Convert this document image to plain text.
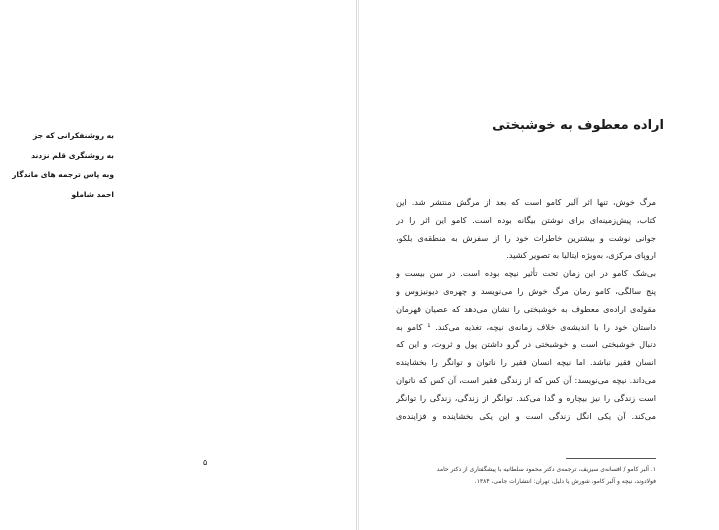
به روشنفکرانی که جز
به روشنگری قلم نزدند
وبه پاس ترجمه های ماندگار
احمد شاملو
۵
اراده معطوف به خوشبختی
مرگ خوش، تنها اثر آلبر کامو است که بعد از مرگش منتشر شد. این
کتاب، پیش‌زمینه‌ای برای نوشتن بیگانه بوده است. کامو این اثر را در
جوانی نوشت و بیشترین خاطرات خود را از سفرش به منطقه‌ی بلکو،
اروپای مرکزی، به‌ویژه ایتالیا به تصویر کشید.
بی‌شک کامو در این زمان تحت تأثیر نیچه بوده است. در سن بیست و
پنج سالگی، کامو رمان مرگ خوش را می‌نویسد و چهره‌ی دیونیزوس و
مقوله‌ی اراده‌ی معطوف به خوشبختی را نشان می‌دهد که عصیان قهرمان
داستان خود را با اندیشه‌ی خلاف زمانه‌ی نیچه، تغذیه می‌کند. ¹ کامو به
دنبال خوشبختی است و خوشبختی در گرو داشتن پول و ثروت، و این که
انسان فقیر نباشد. اما نیچه انسان فقیر را ناتوان و توانگر را بخشاینده
می‌داند. نیچه می‌نویسد: آن کس که از زندگی فقیر است، آن کس که ناتوان
است زندگی را نیز بیچاره و گدا می‌کند. توانگر از زندگی، زندگی را توانگر
می‌کند. آن یکی انگل زندگی است و این یکی بخشاینده و فزاینده‌ی
۱. آلبر کامو / افسانه‌ی سیزیف، ترجمه‌ی دکتر محمود سلطانیه با پیشگفتاری از دکتر حامد
فولادوند، نیچه و آلبر کامو، شورش یا دلیل، تهران: انتشارات جامی، ۱۳۸۴.
